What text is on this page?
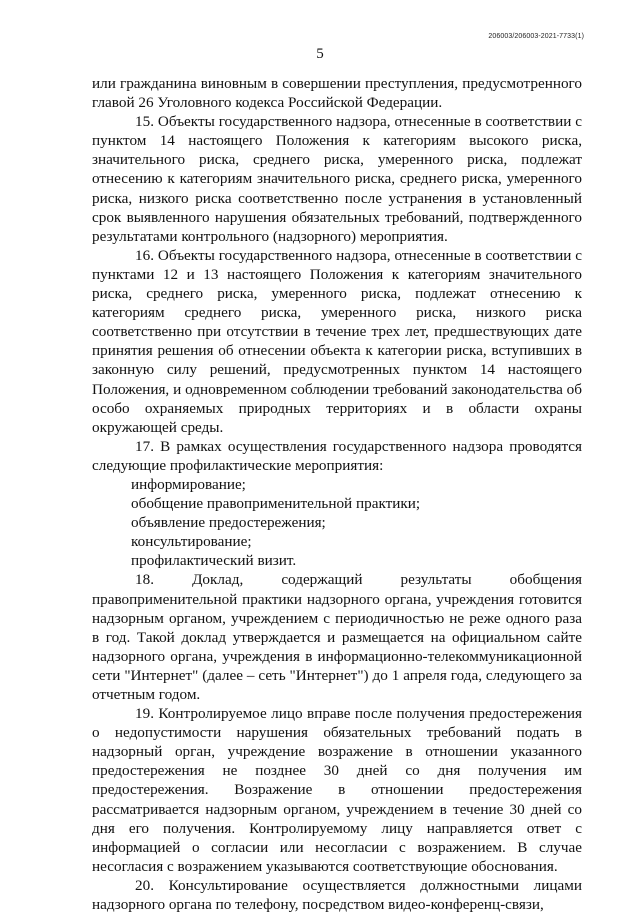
206003/206003-2021-7733(1)
5

или гражданина виновным в совершении преступления, предусмотренного главой 26 Уголовного кодекса Российской Федерации.

15. Объекты государственного надзора, отнесенные в соответствии с пунктом 14 настоящего Положения к категориям высокого риска, значительного риска, среднего риска, умеренного риска, подлежат отнесению к категориям значительного риска, среднего риска, умеренного риска, низкого риска соответственно после устранения в установленный срок выявленного нарушения обязательных требований, подтвержденного результатами контрольного (надзорного) мероприятия.

16. Объекты государственного надзора, отнесенные в соответствии с пунктами 12 и 13 настоящего Положения к категориям значительного риска, среднего риска, умеренного риска, подлежат отнесению к категориям среднего риска, умеренного риска, низкого риска соответственно при отсутствии в течение трех лет, предшествующих дате принятия решения об отнесении объекта к категории риска, вступивших в законную силу решений, предусмотренных пунктом 14 настоящего Положения, и одновременном соблюдении требований законодательства об особо охраняемых природных территориях и в области охраны окружающей среды.

17. В рамках осуществления государственного надзора проводятся следующие профилактические мероприятия:

информирование;

обобщение правоприменительной практики;

объявление предостережения;

консультирование;

профилактический визит.

18. Доклад, содержащий результаты обобщения правоприменительной практики надзорного органа, учреждения готовится надзорным органом, учреждением с периодичностью не реже одного раза в год. Такой доклад утверждается и размещается на официальном сайте надзорного органа, учреждения в информационно-телекоммуникационной сети "Интернет" (далее – сеть "Интернет") до 1 апреля года, следующего за отчетным годом.

19. Контролируемое лицо вправе после получения предостережения о недопустимости нарушения обязательных требований подать в надзорный орган, учреждение возражение в отношении указанного предостережения не позднее 30 дней со дня получения им предостережения. Возражение в отношении предостережения рассматривается надзорным органом, учреждением в течение 30 дней со дня его получения. Контролируемому лицу направляется ответ с информацией о согласии или несогласии с возражением. В случае несогласия с возражением указываются соответствующие обоснования.

20. Консультирование осуществляется должностными лицами надзорного органа по телефону, посредством видео-конференц-связи,
